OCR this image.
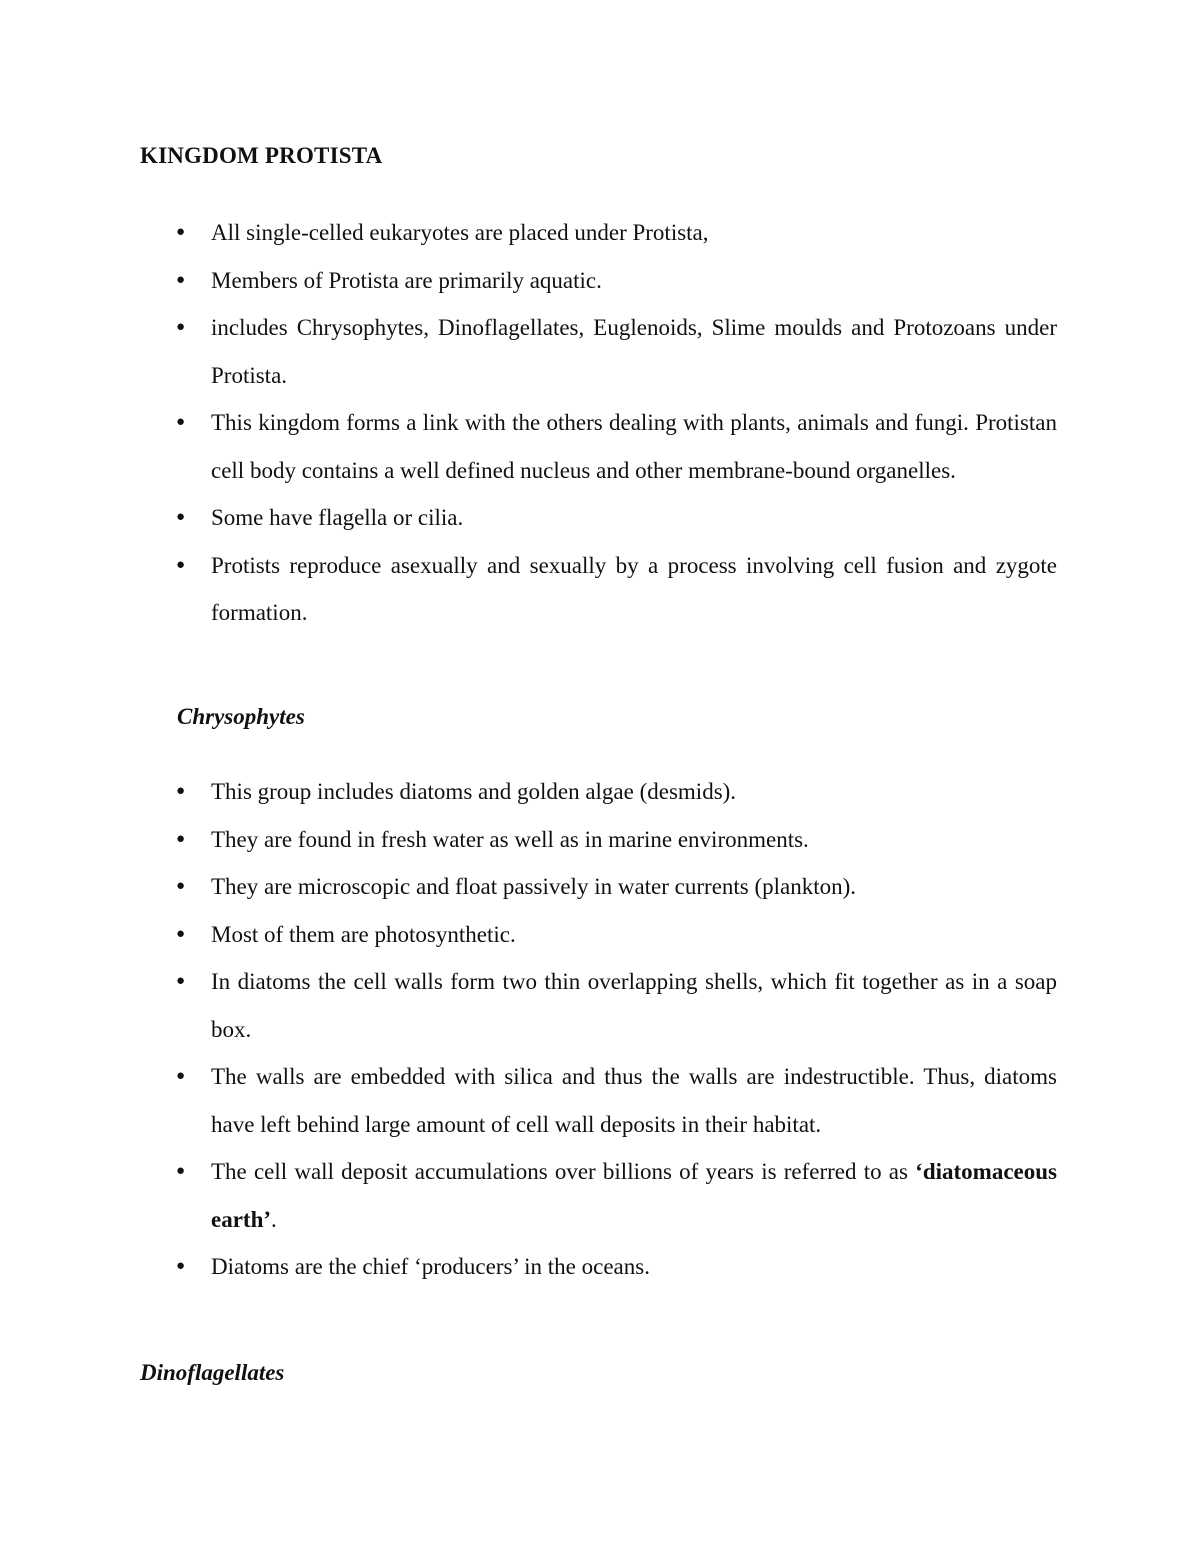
KINGDOM PROTISTA
● All single-celled eukaryotes are placed under Protista,
● Members of Protista are primarily aquatic.
● includes Chrysophytes, Dinoflagellates, Euglenoids, Slime moulds and Protozoans under Protista.
● This kingdom forms a link with the others dealing with plants, animals and fungi. Protistan cell body contains a well defined nucleus and other membrane-bound organelles.
● Some have flagella or cilia.
● Protists reproduce asexually and sexually by a process involving cell fusion and zygote formation.
Chrysophytes
● This group includes diatoms and golden algae (desmids).
● They are found in fresh water as well as in marine environments.
● They are microscopic and float passively in water currents (plankton).
● Most of them are photosynthetic.
● In diatoms the cell walls form two thin overlapping shells, which fit together as in a soap box.
● The walls are embedded with silica and thus the walls are indestructible. Thus, diatoms have left behind large amount of cell wall deposits in their habitat.
● The cell wall deposit accumulations over billions of years is referred to as ‘diatomaceous earth’.
● Diatoms are the chief ‘producers’ in the oceans.
Dinoflagellates
